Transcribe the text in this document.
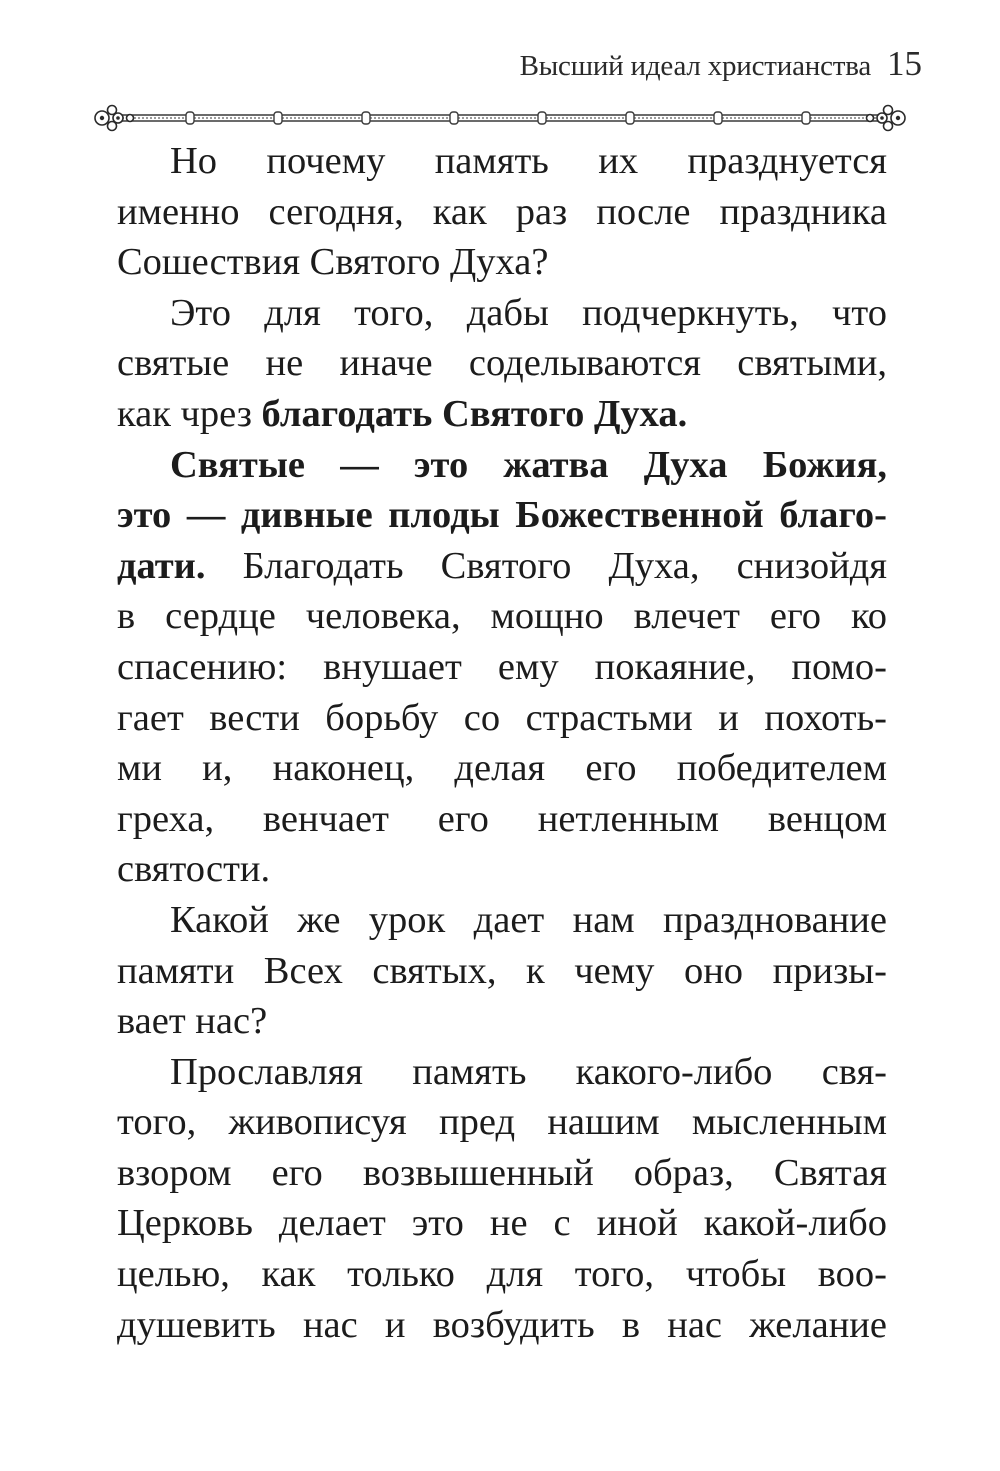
Высший идеал христианства 15

Но почему память их празднуется
именно сегодня, как раз после праздника
Сошествия Святого Духа?

Это для того, дабы подчеркнуть, что
святые не иначе соделываются святыми,
как чрез благодать Святого Духа.

Святые — это жатва Духа Божия,
это — дивные плоды Божественной благо-
дати. Благодать Святого Духа, снизойдя
в сердце человека, мощно влечет его ко
спасению: внушает ему покаяние, помо-
гает вести борьбу со страстьми и похоть-
ми и, наконец, делая его победителем
греха, венчает его нетленным венцом
святости.

Какой же урок дает нам празднование
памяти Всех святых, к чему оно призы-
вает нас?

Прославляя память какого-либо свя-
того, живописуя пред нашим мысленным
взором его возвышенный образ, Святая
Церковь делает это не с иной какой-либо
целью, как только для того, чтобы воо-
душевить нас и возбудить в нас желание
